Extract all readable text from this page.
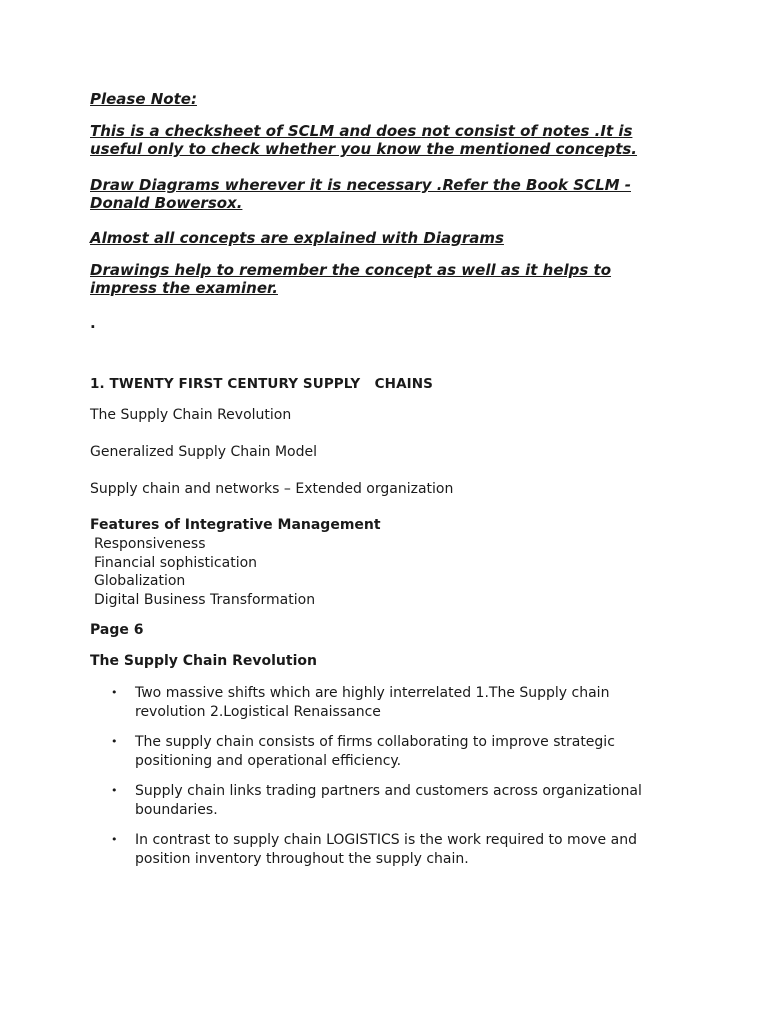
Please Note:

This is a checksheet of SCLM and does not consist of notes .It is useful only to check whether you know the mentioned concepts.

Draw Diagrams wherever it is necessary .Refer the Book SCLM - Donald Bowersox.

Almost all concepts are explained with Diagrams

Drawings help to remember the concept as well as it helps to impress the examiner.

.
1. TWENTY FIRST CENTURY SUPPLY   CHAINS
The Supply Chain Revolution
Generalized Supply Chain Model
Supply chain and networks – Extended organization
Features of Integrative Management
Responsiveness
Financial sophistication
Globalization
Digital Business Transformation
Page 6
The Supply Chain Revolution
• Two massive shifts which are highly interrelated 1.The Supply chain revolution 2.Logistical Renaissance
• The supply chain consists of firms collaborating to improve strategic positioning and operational efficiency.
• Supply chain links trading partners and customers across organizational boundaries.
• In contrast to supply chain LOGISTICS is the work required to move and position inventory throughout the supply chain.
